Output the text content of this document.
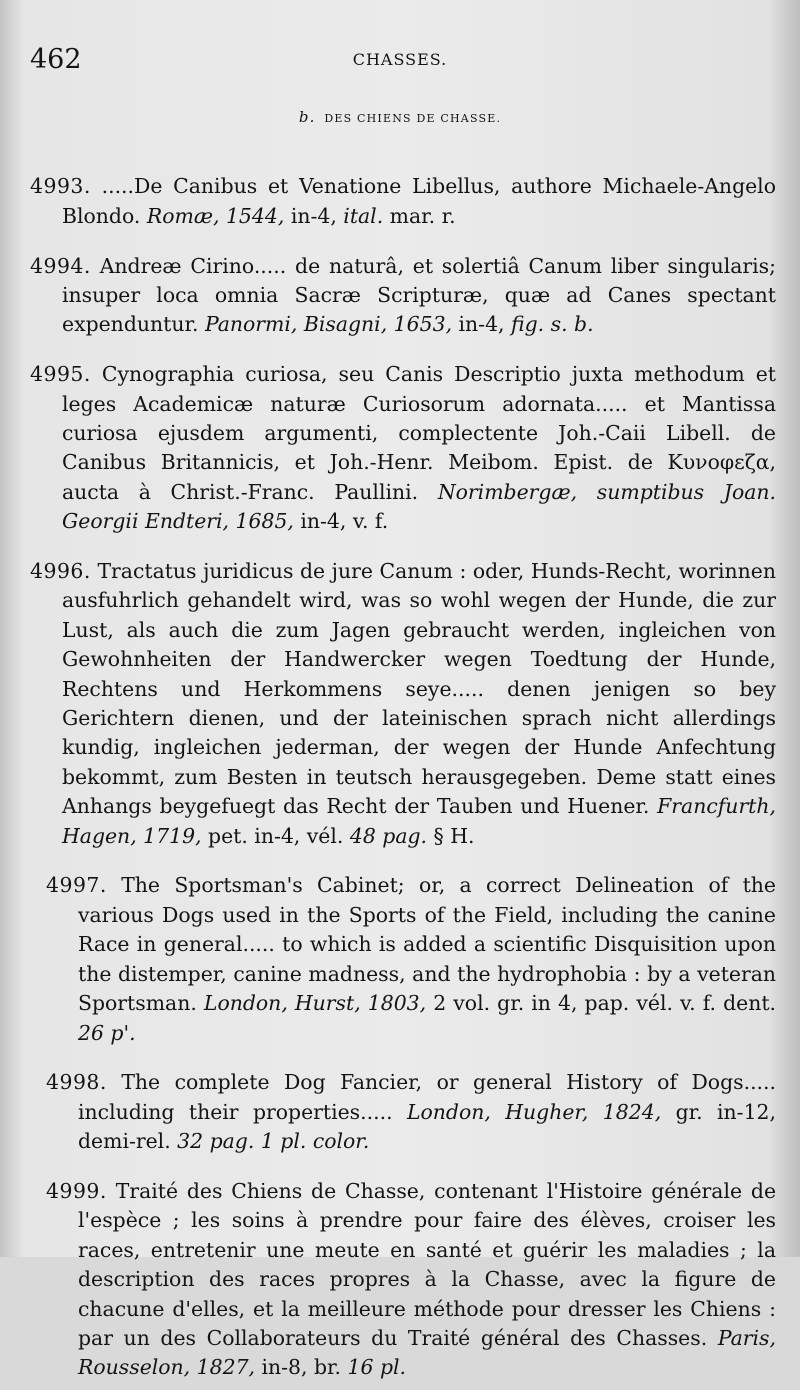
462	CHASSES.
b. DES CHIENS DE CHASSE.

4993. .....De Canibus et Venatione Libellus, authore Michaele-Angelo Blondo. Romæ, 1544, in-4, ital. mar. r.

4994. Andreæ Cirino..... de naturâ, et solertiâ Canum liber singularis; insuper loca omnia Sacræ Scripturæ, quæ ad Canes spectant expenduntur. Panormi, Bisagni, 1653, in-4, fig. s. b.

4995. Cynographia curiosa, seu Canis Descriptio juxta methodum et leges Academicæ naturæ Curiosorum adornata..... et Mantissa curiosa ejusdem argumenti, complectente Joh.-Caii Libell. de Canibus Britannicis, et Joh.-Henr. Meibom. Epist. de Κυνοφεζα, aucta à Christ.-Franc. Paullini. Norimbergæ, sumptibus Joan. Georgii Endteri, 1685, in-4, v. f.

4996. Tractatus juridicus de jure Canum : oder, Hunds-Recht, worinnen ausfuhrlich gehandelt wird, was so wohl wegen der Hunde, die zur Lust, als auch die zum Jagen gebraucht werden, ingleichen von Gewohnheiten der Handwercker wegen Toedtung der Hunde, Rechtens und Herkommens seye..... denen jenigen so bey Gerichtern dienen, und der lateinischen sprach nicht allerdings kundig, ingleichen jederman, der wegen der Hunde Anfechtung bekommt, zum Besten in teutsch herausgegeben. Deme statt eines Anhangs beygefuegt das Recht der Tauben und Huener. Francfurth, Hagen, 1719, pet. in-4, vél. 48 pag. § H.

4997. The Sportsman's Cabinet; or, a correct Delineation of the various Dogs used in the Sports of the Field, including the canine Race in general..... to which is added a scientific Disquisition upon the distemper, canine madness, and the hydrophobia : by a veteran Sportsman. London, Hurst, 1803, 2 vol. gr. in 4, pap. vél. v. f. dent. 26 p'.

4998. The complete Dog Fancier, or general History of Dogs..... including their properties..... London, Hugher, 1824, gr. in-12, demi-rel. 32 pag. 1 pl. color.

4999. Traité des Chiens de Chasse, contenant l'Histoire générale de l'espèce ; les soins à prendre pour faire des élèves, croiser les races, entretenir une meute en santé et guérir les maladies ; la description des races propres à la Chasse, avec la figure de chacune d'elles, et la meilleure méthode pour dresser les Chiens : par un des Collaborateurs du Traité général des Chasses. Paris, Rousselon, 1827, in-8, br. 16 pl.
